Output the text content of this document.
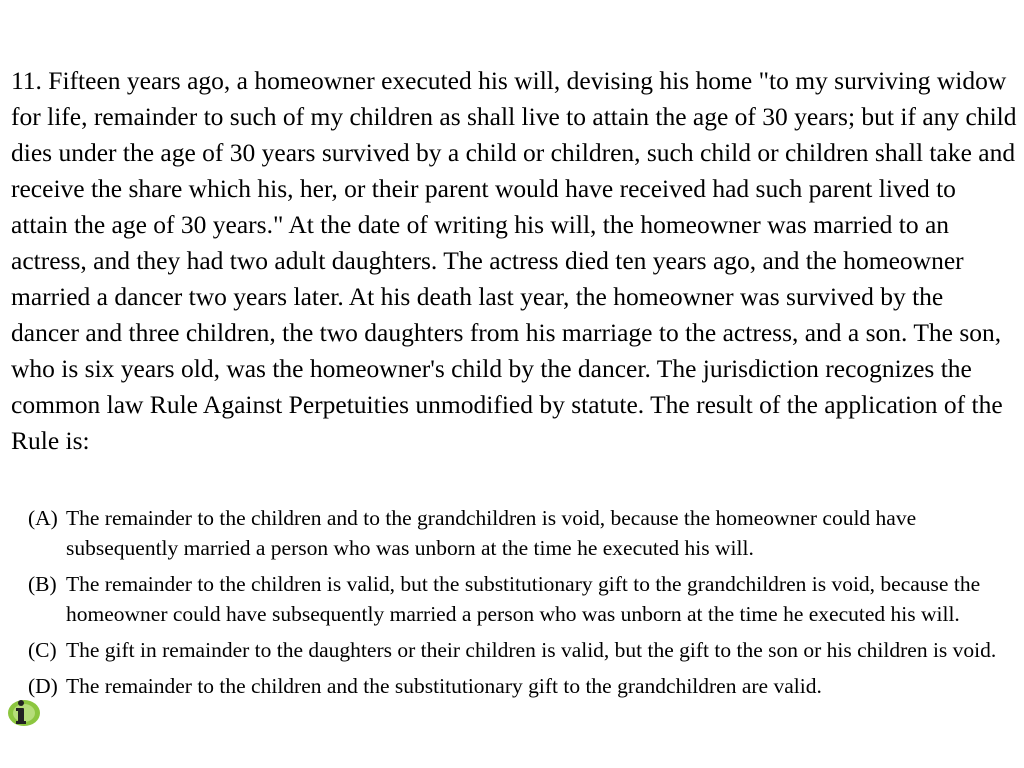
11. Fifteen years ago, a homeowner executed his will, devising his home "to my surviving widow for life, remainder to such of my children as shall live to attain the age of 30 years; but if any child dies under the age of 30 years survived by a child or children, such child or children shall take and receive the share which his, her, or their parent would have received had such parent lived to attain the age of 30 years." At the date of writing his will, the homeowner was married to an actress, and they had two adult daughters. The actress died ten years ago, and the homeowner married a dancer two years later. At his death last year, the homeowner was survived by the dancer and three children, the two daughters from his marriage to the actress, and a son. The son, who is six years old, was the homeowner's child by the dancer. The jurisdiction recognizes the common law Rule Against Perpetuities unmodified by statute. The result of the application of the Rule is:

(A) The remainder to the children and to the grandchildren is void, because the homeowner could have subsequently married a person who was unborn at the time he executed his will.
(B) The remainder to the children is valid, but the substitutionary gift to the grandchildren is void, because the homeowner could have subsequently married a person who was unborn at the time he executed his will.
(C) The gift in remainder to the daughters or their children is valid, but the gift to the son or his children is void.
(D) The remainder to the children and the substitutionary gift to the grandchildren are valid.
